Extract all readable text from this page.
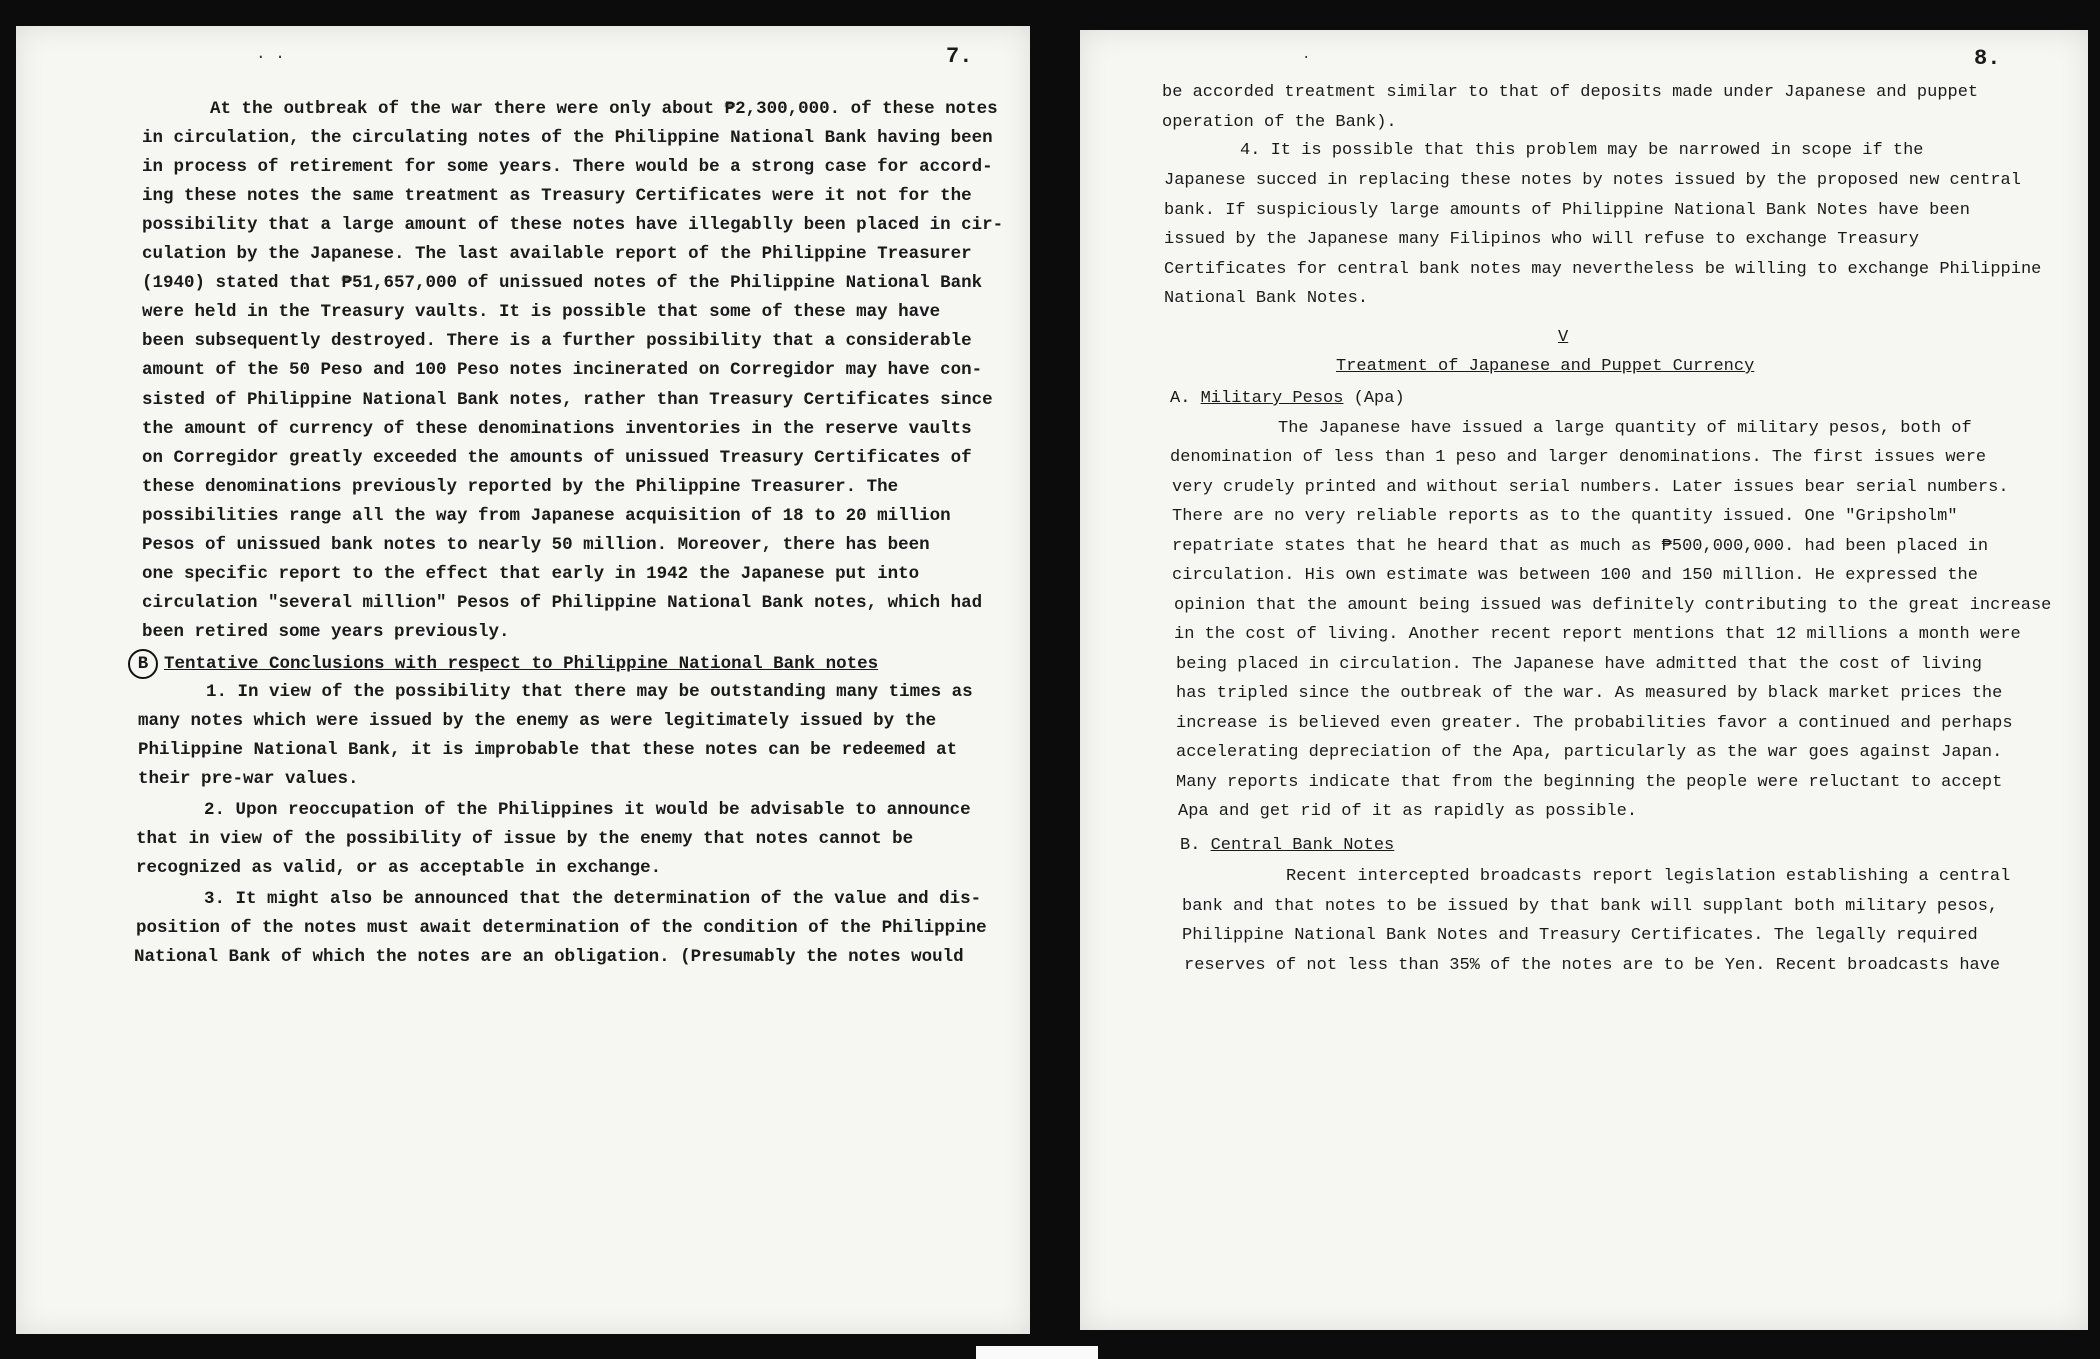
· ·	7.
At the outbreak of the war there were only about ₱2,300,000. of these notes
in circulation, the circulating notes of the Philippine National Bank having been
in process of retirement for some years. There would be a strong case for accord-
ing these notes the same treatment as Treasury Certificates were it not for the
possibility that a large amount of these notes have illegablly been placed in cir-
culation by the Japanese. The last available report of the Philippine Treasurer
(1940) stated that ₱51,657,000 of unissued notes of the Philippine National Bank
were held in the Treasury vaults. It is possible that some of these may have
been subsequently destroyed. There is a further possibility that a considerable
amount of the 50 Peso and 100 Peso notes incinerated on Corregidor may have con-
sisted of Philippine National Bank notes, rather than Treasury Certificates since
the amount of currency of these denominations inventories in the reserve vaults
on Corregidor greatly exceeded the amounts of unissued Treasury Certificates of
these denominations previously reported by the Philippine Treasurer. The
possibilities range all the way from Japanese acquisition of 18 to 20 million
Pesos of unissued bank notes to nearly 50 million. Moreover, there has been
one specific report to the effect that early in 1942 the Japanese put into
circulation "several million" Pesos of Philippine National Bank notes, which had
been retired some years previously.
B Tentative Conclusions with respect to Philippine National Bank notes
1. In view of the possibility that there may be outstanding many times as
many notes which were issued by the enemy as were legitimately issued by the
Philippine National Bank, it is improbable that these notes can be redeemed at
their pre-war values.
2. Upon reoccupation of the Philippines it would be advisable to announce
that in view of the possibility of issue by the enemy that notes cannot be
recognized as valid, or as acceptable in exchange.
3. It might also be announced that the determination of the value and dis-
position of the notes must await determination of the condition of the Philippine
National Bank of which the notes are an obligation. (Presumably the notes would
·	8.
be accorded treatment similar to that of deposits made under Japanese and puppet
operation of the Bank).
4. It is possible that this problem may be narrowed in scope if the
Japanese succed in replacing these notes by notes issued by the proposed new central
bank. If suspiciously large amounts of Philippine National Bank Notes have been
issued by the Japanese many Filipinos who will refuse to exchange Treasury
Certificates for central bank notes may nevertheless be willing to exchange Philippine
National Bank Notes.
V
Treatment of Japanese and Puppet Currency
A. Military Pesos (Apa)
The Japanese have issued a large quantity of military pesos, both of
denomination of less than 1 peso and larger denominations. The first issues were
very crudely printed and without serial numbers. Later issues bear serial numbers.
There are no very reliable reports as to the quantity issued. One "Gripsholm"
repatriate states that he heard that as much as ₱500,000,000. had been placed in
circulation. His own estimate was between 100 and 150 million. He expressed the
opinion that the amount being issued was definitely contributing to the great increase
in the cost of living. Another recent report mentions that 12 millions a month were
being placed in circulation. The Japanese have admitted that the cost of living
has tripled since the outbreak of the war. As measured by black market prices the
increase is believed even greater. The probabilities favor a continued and perhaps
accelerating depreciation of the Apa, particularly as the war goes against Japan.
Many reports indicate that from the beginning the people were reluctant to accept
Apa and get rid of it as rapidly as possible.
B. Central Bank Notes
Recent intercepted broadcasts report legislation establishing a central
bank and that notes to be issued by that bank will supplant both military pesos,
Philippine National Bank Notes and Treasury Certificates. The legally required
reserves of not less than 35% of the notes are to be Yen. Recent broadcasts have
